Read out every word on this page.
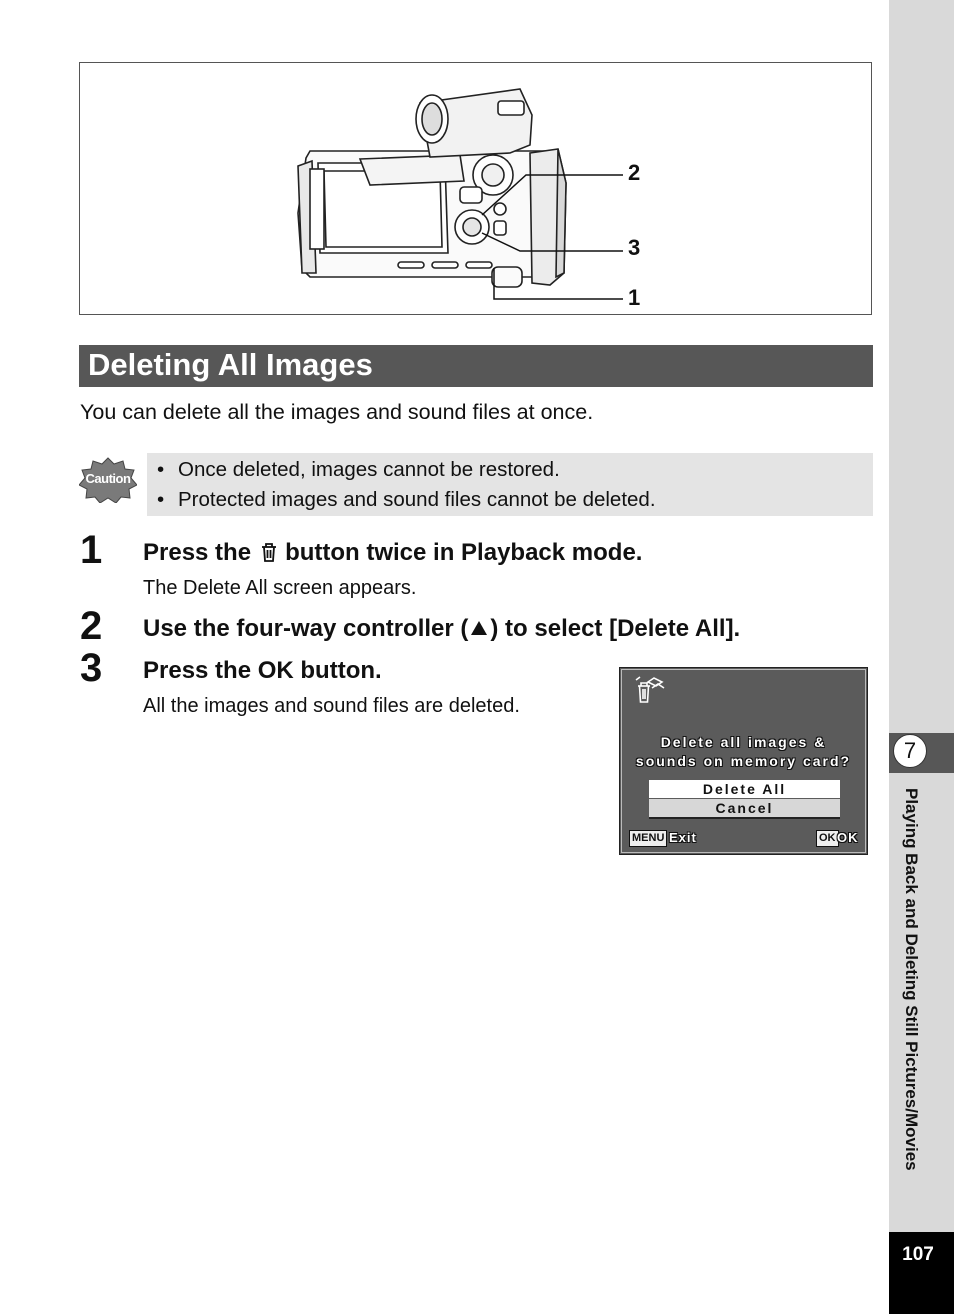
2
3
1
Deleting All Images
You can delete all the images and sound files at once.
Caution	• Once deleted, images cannot be restored.
• Protected images and sound files cannot be deleted.
1 Press the button twice in Playback mode.
The Delete All screen appears.
2 Use the four-way controller ( ) to select [Delete All].
3 Press the OK button.
All the images and sound files are deleted.
Delete all images &
sounds on memory card?
Delete All
Cancel
MENU Exit	OK OK
7
Playing Back and Deleting Still Pictures/Movies
107
